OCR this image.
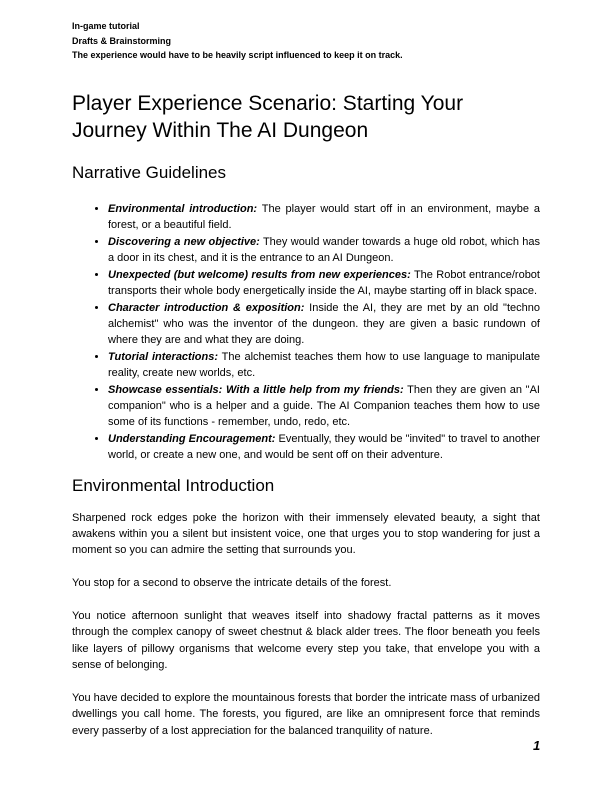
In-game tutorial
Drafts & Brainstorming
The experience would have to be heavily script influenced to keep it on track.
Player Experience Scenario: Starting Your Journey Within The AI Dungeon
Narrative Guidelines
• Environmental introduction: The player would start off in an environment, maybe a forest, or a beautiful field.
• Discovering a new objective: They would wander towards a huge old robot, which has a door in its chest, and it is the entrance to an AI Dungeon.
• Unexpected (but welcome) results from new experiences: The Robot entrance/robot transports their whole body energetically inside the AI, maybe starting off in black space.
• Character introduction & exposition: Inside the AI, they are met by an old "techno alchemist" who was the inventor of the dungeon. they are given a basic rundown of where they are and what they are doing.
• Tutorial interactions: The alchemist teaches them how to use language to manipulate reality, create new worlds, etc.
• Showcase essentials: With a little help from my friends: Then they are given an "AI companion" who is a helper and a guide. The AI Companion teaches them how to use some of its functions - remember, undo, redo, etc.
• Understanding Encouragement: Eventually, they would be "invited" to travel to another world, or create a new one, and would be sent off on their adventure.
Environmental Introduction

Sharpened rock edges poke the horizon with their immensely elevated beauty, a sight that awakens within you a silent but insistent voice, one that urges you to stop wandering for just a moment so you can admire the setting that surrounds you.

You stop for a second to observe the intricate details of the forest.

You notice afternoon sunlight that weaves itself into shadowy fractal patterns as it moves through the complex canopy of sweet chestnut & black alder trees. The floor beneath you feels like layers of pillowy organisms that welcome every step you take, that envelope you with a sense of belonging.

You have decided to explore the mountainous forests that border the intricate mass of urbanized dwellings you call home. The forests, you figured, are like an omnipresent force that reminds every passerby of a lost appreciation for the balanced tranquility of nature.

1
